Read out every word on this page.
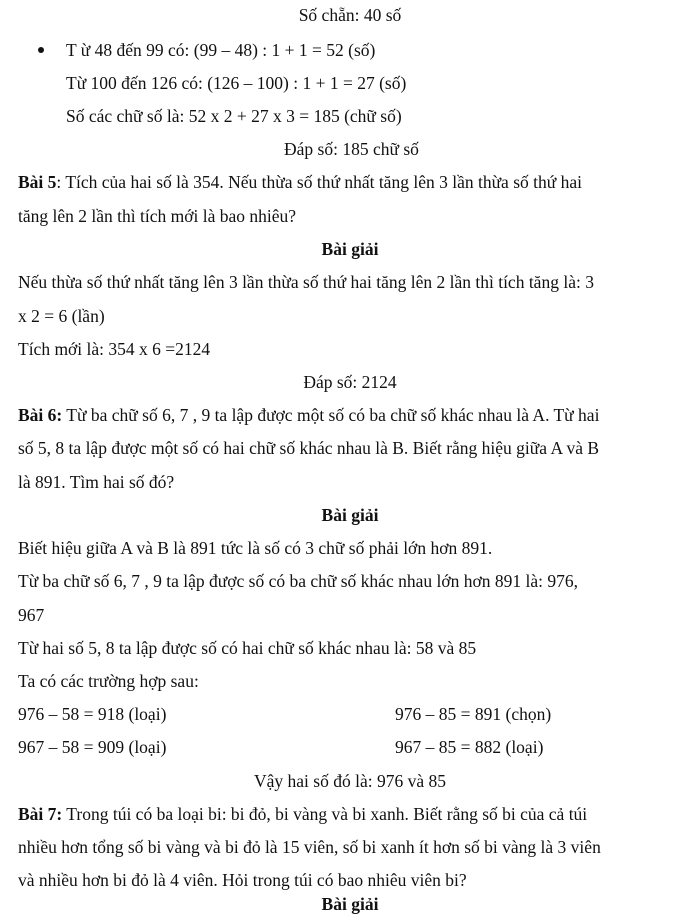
Số chẵn: 40 số
T ừ 48 đến 99 có: (99 – 48) : 1 + 1 = 52 (số)
Từ 100 đến 126 có: (126 – 100) : 1 + 1 = 27 (số)
Số các chữ số là: 52 x 2 + 27 x 3 = 185 (chữ số)
Đáp số: 185 chữ số
Bài 5: Tích của hai số là 354. Nếu thừa số thứ nhất tăng lên 3 lần thừa số thứ hai
tăng lên 2 lần thì tích mới là bao nhiêu?
Bài giải
Nếu thừa số thứ nhất tăng lên 3 lần thừa số thứ hai tăng lên 2 lần thì tích tăng là: 3
x 2 = 6 (lần)
Tích mới là: 354 x 6 =2124
Đáp số: 2124
Bài 6: Từ ba chữ số 6, 7 , 9 ta lập được một số có ba chữ số khác nhau là A. Từ hai
số 5, 8 ta lập được một số có hai chữ số khác nhau là B. Biết rằng hiệu giữa A và B
là 891. Tìm hai số đó?
Bài giải
Biết hiệu giữa A và B là 891 tức là số có 3 chữ số phải lớn hơn 891.
Từ ba chữ số 6, 7 , 9 ta lập được số có ba chữ số khác nhau lớn hơn 891 là: 976,
967
Từ hai số 5, 8 ta lập được số có hai chữ số khác nhau là: 58 và 85
Ta có các trường hợp sau:
976 – 58 = 918 (loại)	976 – 85 = 891 (chọn)
967 – 58 = 909 (loại)	967 – 85 = 882 (loại)
Vậy hai số đó là: 976 và 85
Bài 7: Trong túi có ba loại bi: bi đỏ, bi vàng và bi xanh. Biết rằng số bi của cả túi
nhiều hơn tổng số bi vàng và bi đỏ là 15 viên, số bi xanh ít hơn số bi vàng là 3 viên
và nhiều hơn bi đỏ là 4 viên. Hỏi trong túi có bao nhiêu viên bi?
Bài giải
